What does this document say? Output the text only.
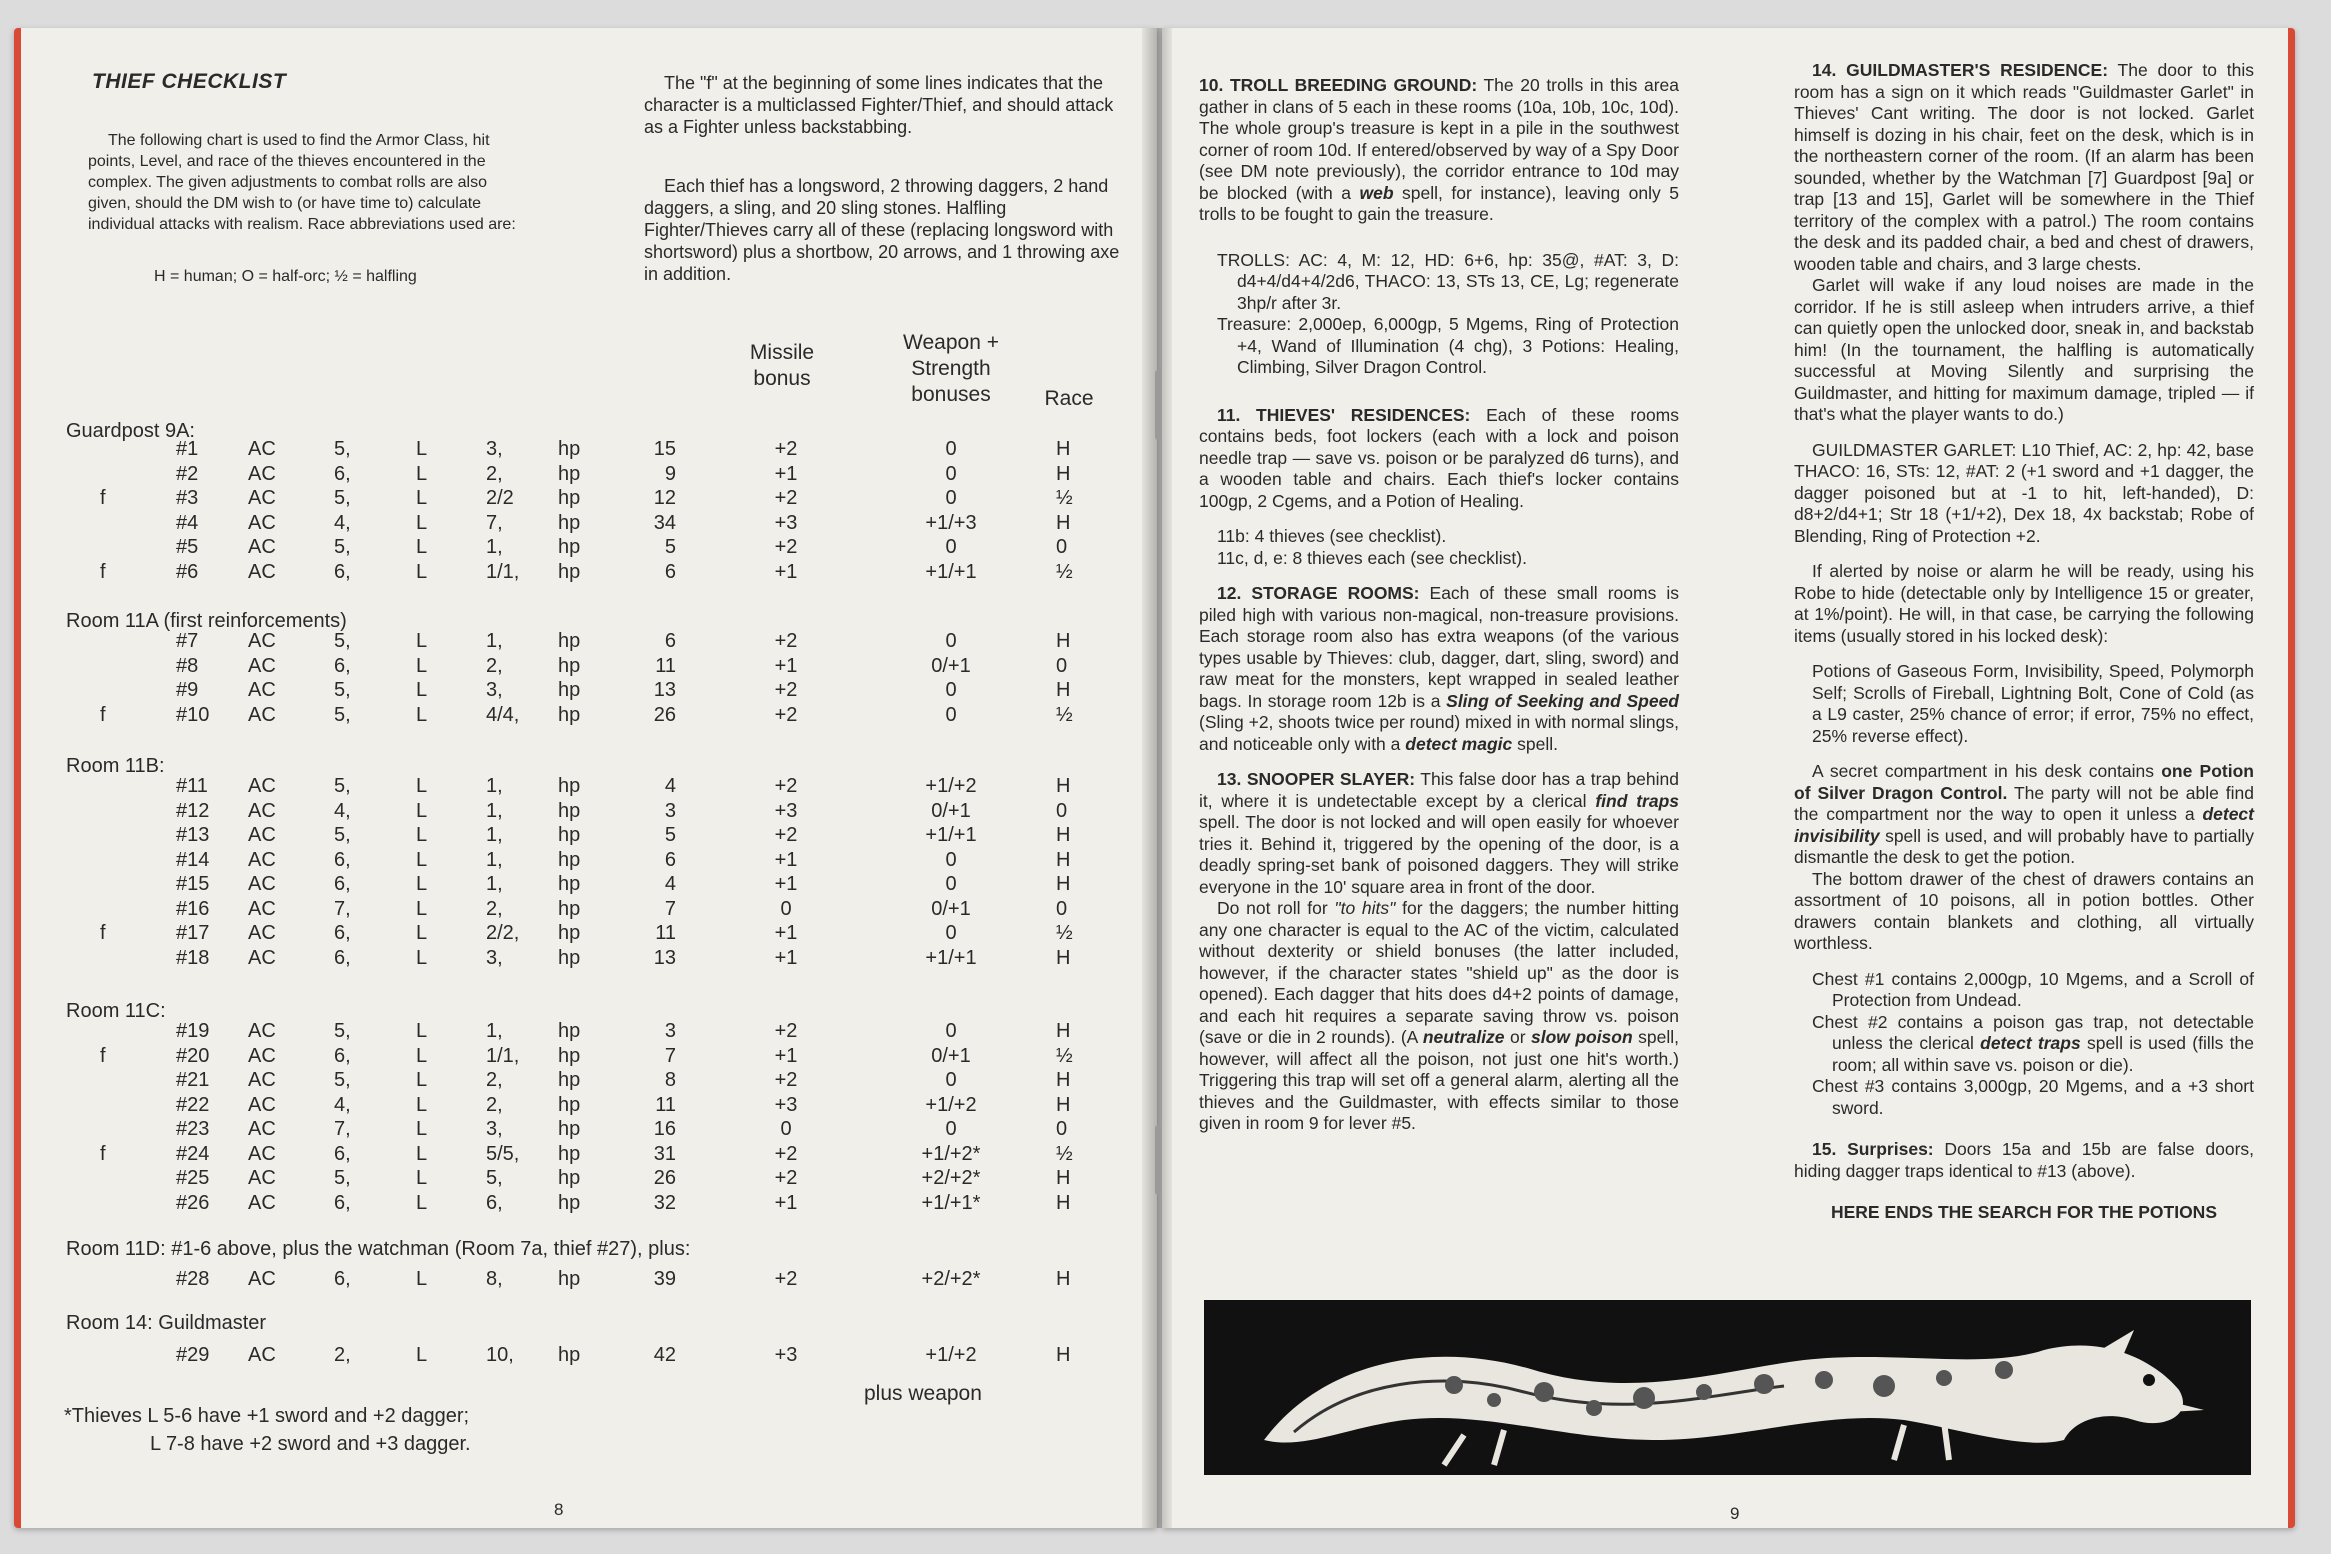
THIEF CHECKLIST
The following chart is used to find the Armor Class, hit points, Level, and race of the thieves encountered in the complex. The given adjustments to combat rolls are also given, should the DM wish to (or have time to) calculate individual attacks with realism. Race abbreviations used are:
H = human; O = half-orc; ½ = halfling
The "f" at the beginning of some lines indicates that the character is a multiclassed Fighter/Thief, and should attack as a Fighter unless backstabbing.
Each thief has a longsword, 2 throwing daggers, 2 hand daggers, a sling, and 20 sling stones. Halfling Fighter/Thieves carry all of these (replacing longsword with shortsword) plus a shortbow, 20 arrows, and 1 throwing axe in addition.
Missile bonus
Weapon + Strength bonuses	Race
Guardpost 9A:
#1 AC	5,	L	3,	hp	15	+2	0	H
#2 AC	6,	L	2,	hp	9	+1	0	H
f	#3 AC	5,	L	2/2 hp	12	+2	0	½
#4 AC	4,	L	7,	hp	34	+3	+1/+3	H
#5 AC	5,	L	1,	hp	5	+2	0	0
f	#6 AC	6,	L	1/1, hp	6	+1	+1/+1	½
Room 11A (first reinforcements)
#7 AC	5,	L	1,	hp	6	+2	0	H
#8 AC	6,	L	2,	hp	11	+1	0/+1	0
#9 AC	5,	L	3,	hp	13	+2	0	H
f	#10 AC	5,	L	4/4, hp	26	+2	0	½
Room 11B:
#11 AC	5,	L	1,	hp	4	+2	+1/+2	H
#12 AC	4,	L	1,	hp	3	+3	0/+1	0
#13 AC	5,	L	1,	hp	5	+2	+1/+1	H
#14 AC	6,	L	1,	hp	6	+1	0	H
#15 AC	6,	L	1,	hp	4	+1	0	H
#16 AC	7,	L	2,	hp	7	0	0/+1	0
f	#17 AC	6,	L	2/2, hp	11	+1	0	½
#18 AC	6,	L	3,	hp	13	+1	+1/+1	H
Room 11C:
#19 AC	5,	L	1,	hp	3	+2	0	H
f	#20 AC	6,	L	1/1, hp	7	+1	0/+1	½
#21 AC	5,	L	2,	hp	8	+2	0	H
#22 AC	4,	L	2,	hp	11	+3	+1/+2	H
#23 AC	7,	L	3,	hp	16	0	0	0
f	#24 AC	6,	L	5/5, hp	31	+2	+1/+2*	½
#25 AC	5,	L	5,	hp	26	+2	+2/+2*	H
#26 AC	6,	L	6,	hp	32	+1	+1/+1*	H
Room 11D: #1-6 above, plus the watchman (Room 7a, thief #27), plus:
#28 AC	6,	L	8,	hp	39	+2	+2/+2*	H
Room 14: Guildmaster
#29 AC	2,	L	10, hp	42	+3	+1/+2	H
plus weapon
*Thieves L 5-6 have +1 sword and +2 dagger;
L 7-8 have +2 sword and +3 dagger.
8

10. TROLL BREEDING GROUND: The 20 trolls in this area gather in clans of 5 each in these rooms (10a, 10b, 10c, 10d). The whole group's treasure is kept in a pile in the southwest corner of room 10d. If entered/observed by way of a Spy Door (see DM note previously), the corridor entrance to 10d may be blocked (with a web spell, for instance), leaving only 5 trolls to be fought to gain the treasure.

TROLLS: AC: 4, M: 12, HD: 6+6, hp: 35@, #AT: 3, D: d4+4/d4+4/2d6, THACO: 13, STs 13, CE, Lg; regenerate 3hp/r after 3r.

Treasure: 2,000ep, 6,000gp, 5 Mgems, Ring of Protection +4, Wand of Illumination (4 chg), 3 Potions: Healing, Climbing, Silver Dragon Control.

11. THIEVES' RESIDENCES: Each of these rooms contains beds, foot lockers (each with a lock and poison needle trap — save vs. poison or be paralyzed d6 turns), and a wooden table and chairs. Each thief's locker contains 100gp, 2 Cgems, and a Potion of Healing.

11b: 4 thieves (see checklist).

11c, d, e: 8 thieves each (see checklist).

12. STORAGE ROOMS: Each of these small rooms is piled high with various non-magical, non-treasure provisions. Each storage room also has extra weapons (of the various types usable by Thieves: club, dagger, dart, sling, sword) and raw meat for the monsters, kept wrapped in sealed leather bags. In storage room 12b is a Sling of Seeking and Speed (Sling +2, shoots twice per round) mixed in with normal slings, and noticeable only with a detect magic spell.

13. SNOOPER SLAYER: This false door has a trap behind it, where it is undetectable except by a clerical find traps spell. The door is not locked and will open easily for whoever tries it. Behind it, triggered by the opening of the door, is a deadly spring-set bank of poisoned daggers. They will strike everyone in the 10' square area in front of the door.

Do not roll for "to hits" for the daggers; the number hitting any one character is equal to the AC of the victim, calculated without dexterity or shield bonuses (the latter included, however, if the character states "shield up" as the door is opened). Each dagger that hits does d4+2 points of damage, and each hit requires a separate saving throw vs. poison (save or die in 2 rounds). (A neutralize or slow poison spell, however, will affect all the poison, not just one hit's worth.) Triggering this trap will set off a general alarm, alerting all the thieves and the Guildmaster, with effects similar to those given in room 9 for lever #5.

14. GUILDMASTER'S RESIDENCE: The door to this room has a sign on it which reads "Guildmaster Garlet" in Thieves' Cant writing. The door is not locked. Garlet himself is dozing in his chair, feet on the desk, which is in the northeastern corner of the room. (If an alarm has been sounded, whether by the Watchman [7] Guardpost [9a] or trap [13 and 15], Garlet will be somewhere in the Thief territory of the complex with a patrol.) The room contains the desk and its padded chair, a bed and chest of drawers, wooden table and chairs, and 3 large chests.

Garlet will wake if any loud noises are made in the corridor. If he is still asleep when intruders arrive, a thief can quietly open the unlocked door, sneak in, and backstab him! (In the tournament, the halfling is automatically successful at Moving Silently and surprising the Guildmaster, and hitting for maximum damage, tripled — if that's what the player wants to do.)

GUILDMASTER GARLET: L10 Thief, AC: 2, hp: 42, base THACO: 16, STs: 12, #AT: 2 (+1 sword and +1 dagger, the dagger poisoned but at -1 to hit, left-handed), D: d8+2/d4+1; Str 18 (+1/+2), Dex 18, 4x backstab; Robe of Blending, Ring of Protection +2.

If alerted by noise or alarm he will be ready, using his Robe to hide (detectable only by Intelligence 15 or greater, at 1%/point). He will, in that case, be carrying the following items (usually stored in his locked desk):

Potions of Gaseous Form, Invisibility, Speed, Polymorph Self; Scrolls of Fireball, Lightning Bolt, Cone of Cold (as a L9 caster, 25% chance of error; if error, 75% no effect, 25% reverse effect).

A secret compartment in his desk contains one Potion of Silver Dragon Control. The party will not be able find the compartment nor the way to open it unless a detect invisibility spell is used, and will probably have to partially dismantle the desk to get the potion.

The bottom drawer of the chest of drawers contains an assortment of 10 poisons, all in potion bottles. Other drawers contain blankets and clothing, all virtually worthless.

Chest #1 contains 2,000gp, 10 Mgems, and a Scroll of Protection from Undead.

Chest #2 contains a poison gas trap, not detectable unless the clerical detect traps spell is used (fills the room; all within save vs. poison or die).

Chest #3 contains 3,000gp, 20 Mgems, and a +3 short sword.

15. Surprises: Doors 15a and 15b are false doors, hiding dagger traps identical to #13 (above).

HERE ENDS THE SEARCH FOR THE POTIONS

9
